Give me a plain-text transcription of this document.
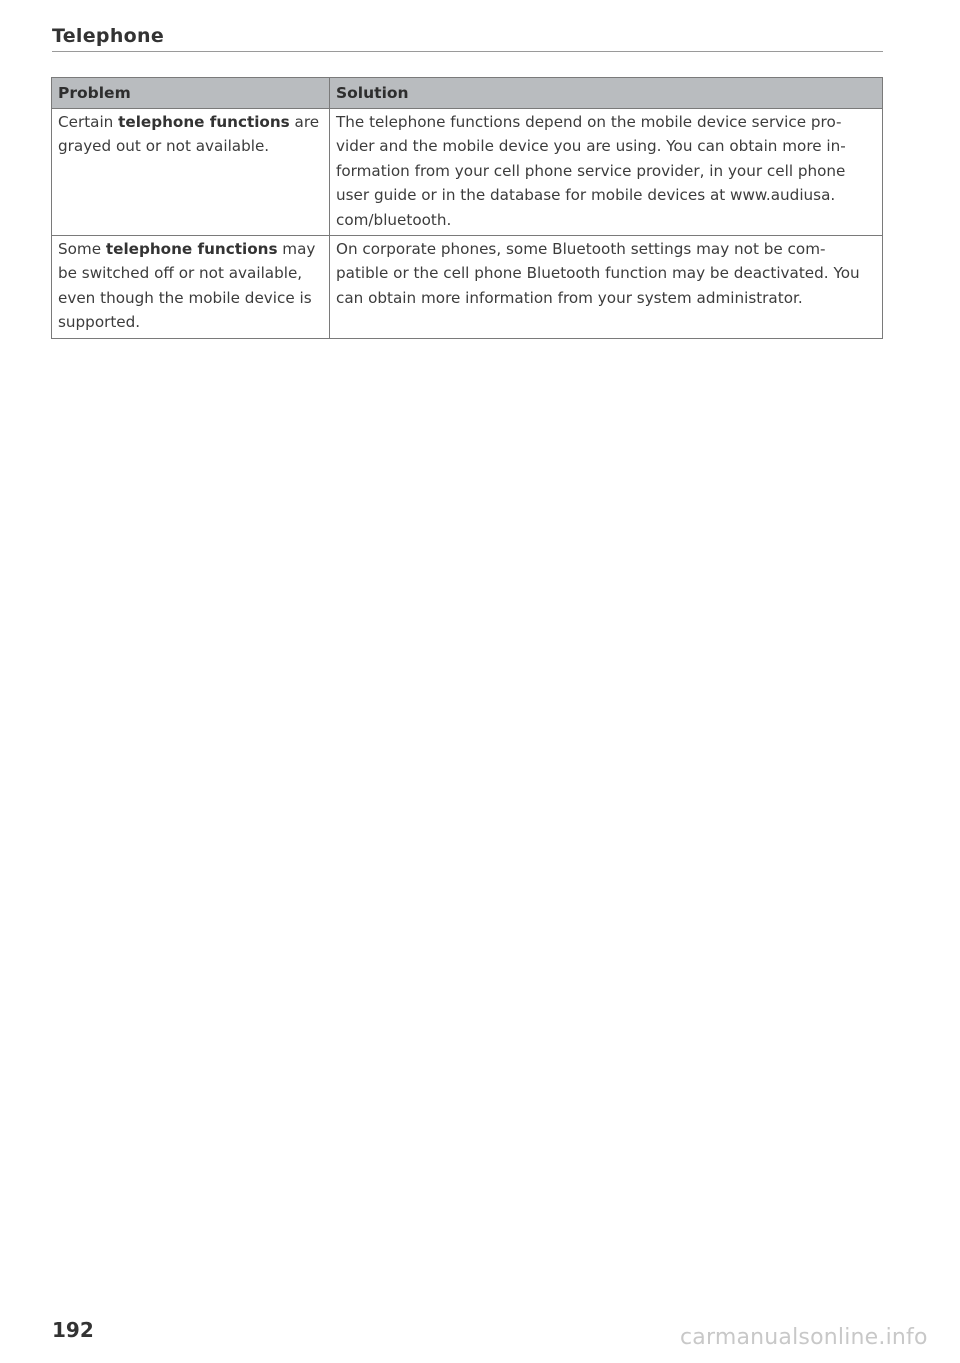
Telephone
Problem	Solution
Certain telephone functions are grayed out or not available.	The telephone functions depend on the mobile device service pro- vider and the mobile device you are using. You can obtain more in- formation from your cell phone service provider, in your cell phone user guide or in the database for mobile devices at www.audiusa. com/bluetooth.
Some telephone functions may be switched off or not available, even though the mobile device is supported.	On corporate phones, some Bluetooth settings may not be com- patible or the cell phone Bluetooth function may be deactivated. You can obtain more information from your system administrator.
192	carmanualsonline.info
